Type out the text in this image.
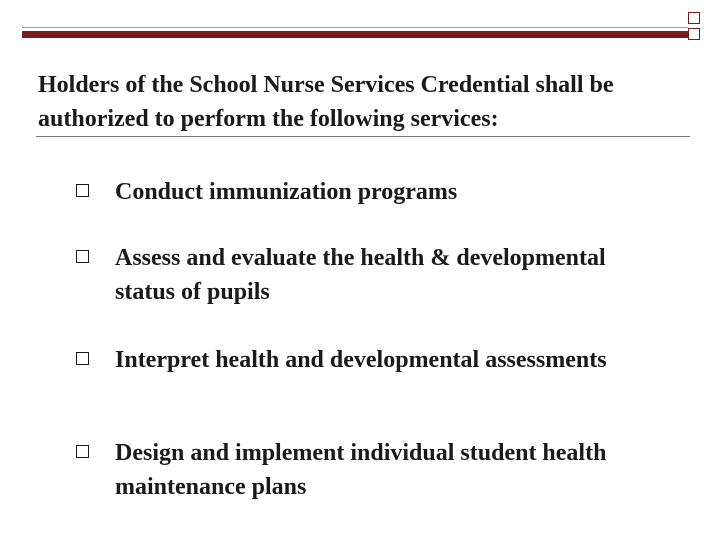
Holders of the School Nurse Services Credential shall be authorized to perform the following services:
Conduct immunization programs
Assess and evaluate the health & developmental status of pupils
Interpret health and developmental assessments
Design and implement individual student health maintenance plans
